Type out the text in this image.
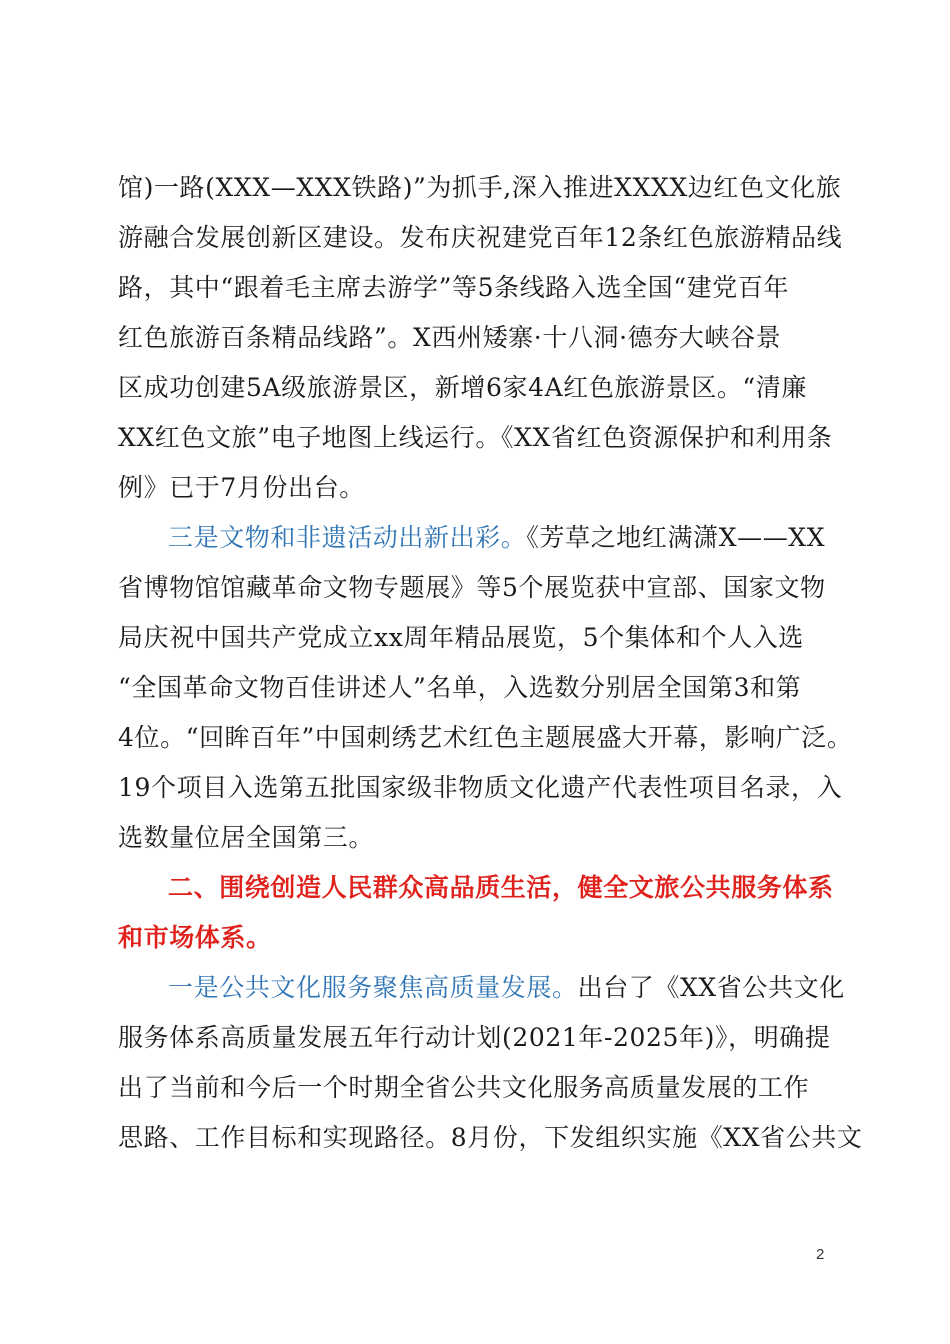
馆)一路(XXX—XXX铁路)”为抓手,深入推进XXXX边红色文化旅
游融合发展创新区建设。发布庆祝建党百年12条红色旅游精品线
路，其中“跟着毛主席去游学”等5条线路入选全国“建党百年
红色旅游百条精品线路”。X西州矮寨·十八洞·德夯大峡谷景
区成功创建5A级旅游景区，新增6家4A红色旅游景区。“清廉
XX红色文旅”电子地图上线运行。《XX省红色资源保护和利用条
例》已于7月份出台。
三是文物和非遗活动出新出彩。《芳草之地红满潇X——XX
省博物馆馆藏革命文物专题展》等5个展览获中宣部、国家文物
局庆祝中国共产党成立xx周年精品展览，5个集体和个人入选
“全国革命文物百佳讲述人”名单，入选数分别居全国第3和第
4位。“回眸百年”中国刺绣艺术红色主题展盛大开幕，影响广泛。
19个项目入选第五批国家级非物质文化遗产代表性项目名录，入
选数量位居全国第三。
二、围绕创造人民群众高品质生活，健全文旅公共服务体系
和市场体系。
一是公共文化服务聚焦高质量发展。出台了《XX省公共文化
服务体系高质量发展五年行动计划(2021年-2025年)》，明确提
出了当前和今后一个时期全省公共文化服务高质量发展的工作
思路、工作目标和实现路径。8月份，下发组织实施《XX省公共文
2
